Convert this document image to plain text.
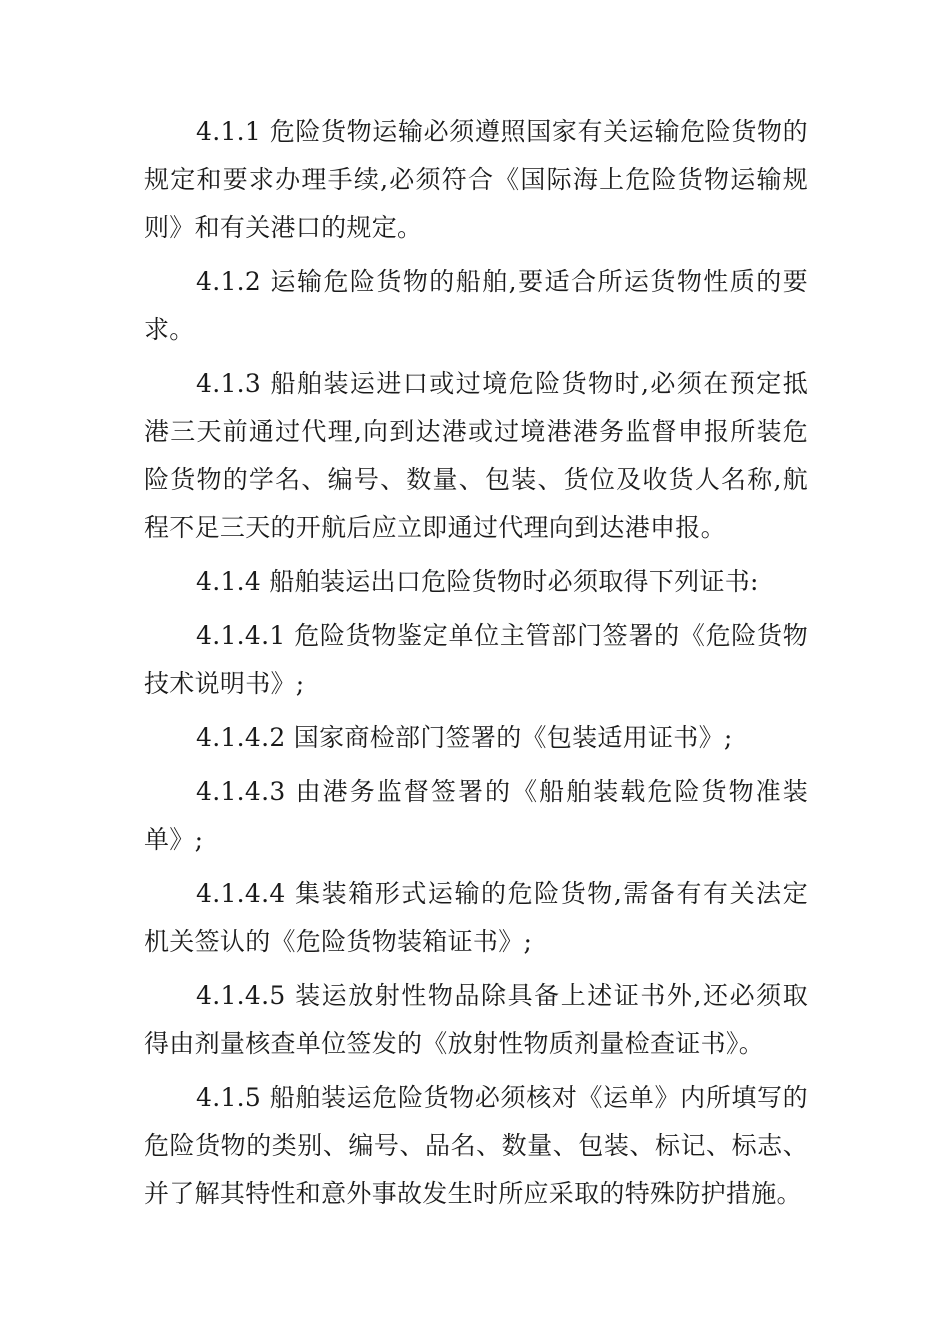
4.1.1 危险货物运输必须遵照国家有关运输危险货物的规定和要求办理手续,必须符合《国际海上危险货物运输规则》和有关港口的规定。

4.1.2 运输危险货物的船舶,要适合所运货物性质的要求。

4.1.3 船舶装运进口或过境危险货物时,必须在预定抵港三天前通过代理,向到达港或过境港港务监督申报所装危险货物的学名、编号、数量、包装、货位及收货人名称,航程不足三天的开航后应立即通过代理向到达港申报。

4.1.4 船舶装运出口危险货物时必须取得下列证书:

4.1.4.1 危险货物鉴定单位主管部门签署的《危险货物技术说明书》;

4.1.4.2 国家商检部门签署的《包装适用证书》;

4.1.4.3 由港务监督签署的《船舶装载危险货物准装单》;

4.1.4.4 集装箱形式运输的危险货物,需备有有关法定机关签认的《危险货物装箱证书》;

4.1.4.5 装运放射性物品除具备上述证书外,还必须取得由剂量核查单位签发的《放射性物质剂量检查证书》。

4.1.5 船舶装运危险货物必须核对《运单》内所填写的危险货物的类别、编号、品名、数量、包装、标记、标志、并了解其特性和意外事故发生时所应采取的特殊防护措施。
